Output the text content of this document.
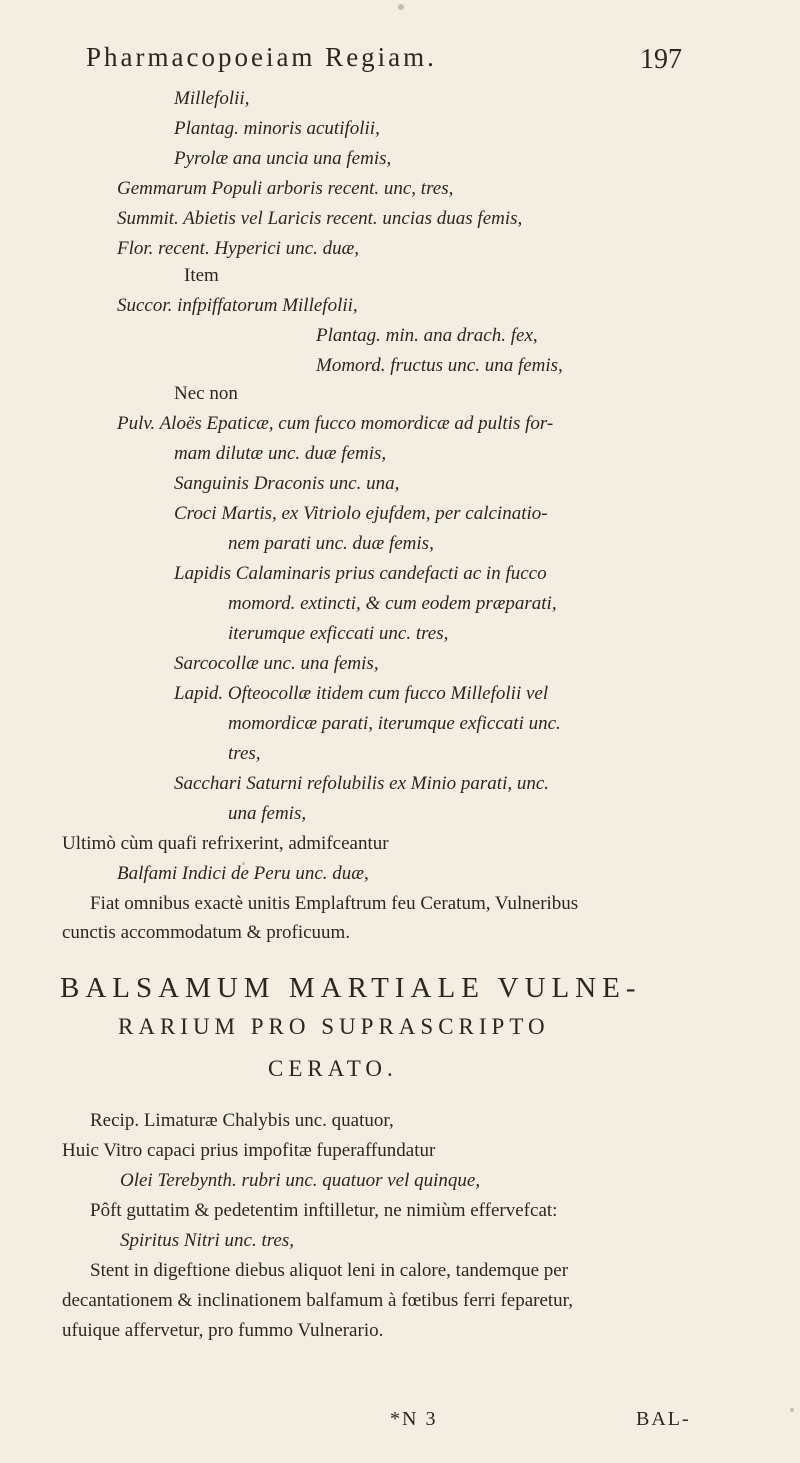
Pharmacopoeiam Regiam.	197
Millefolii,
Plantag. minoris acutifolii,
Pyrolæ ana uncia una femis,
Gemmarum Populi arboris recent. unc, tres,
Summit. Abietis vel Laricis recent. uncias duas femis,
Flor. recent. Hyperici unc. duæ,
Item
Succor. infpiffatorum Millefolii,
Plantag. min. ana drach. fex,
Momord. fructus unc. una femis,
Nec non
Pulv. Aloës Epaticæ, cum fucco momordicæ ad pultis for-
mam dilutæ unc. duæ femis,
Sanguinis Draconis unc. una,
Croci Martis, ex Vitriolo ejufdem, per calcinatio-
nem parati unc. duæ femis,
Lapidis Calaminaris prius candefacti ac in fucco
momord. extincti, & cum eodem præparati,
iterumque exficcati unc. tres,
Sarcocollæ unc. una femis,
Lapid. Ofteocollæ itidem cum fucco Millefolii vel
momordicæ parati, iterumque exficcati unc.
tres,
Sacchari Saturni refolubilis ex Minio parati, unc.
una femis,
Ultimò cùm quafi refrixerint, admifceantur
Balfami Indici de Peru unc. duæ,
Fiat omnibus exactè unitis Emplaftrum feu Ceratum, Vulneribus
cunctis accommodatum & proficuum.
BALSAMUM MARTIALE VULNE-
RARIUM PRO SUPRASCRIPTO
CERATO.
Recip. Limaturæ Chalybis unc. quatuor,
Huic Vitro capaci prius impofitæ fuperaffundatur
Olei Terebynth. rubri unc. quatuor vel quinque,
Pôft guttatim & pedetentim inftilletur, ne nimiùm effervefcat:
Spiritus Nitri unc. tres,
Stent in digeftione diebus aliquot leni in calore, tandemque per
decantationem & inclinationem balfamum à fœtibus ferri feparetur,
ufuique affervetur, pro fummo Vulnerario.
*N 3	BAL-
